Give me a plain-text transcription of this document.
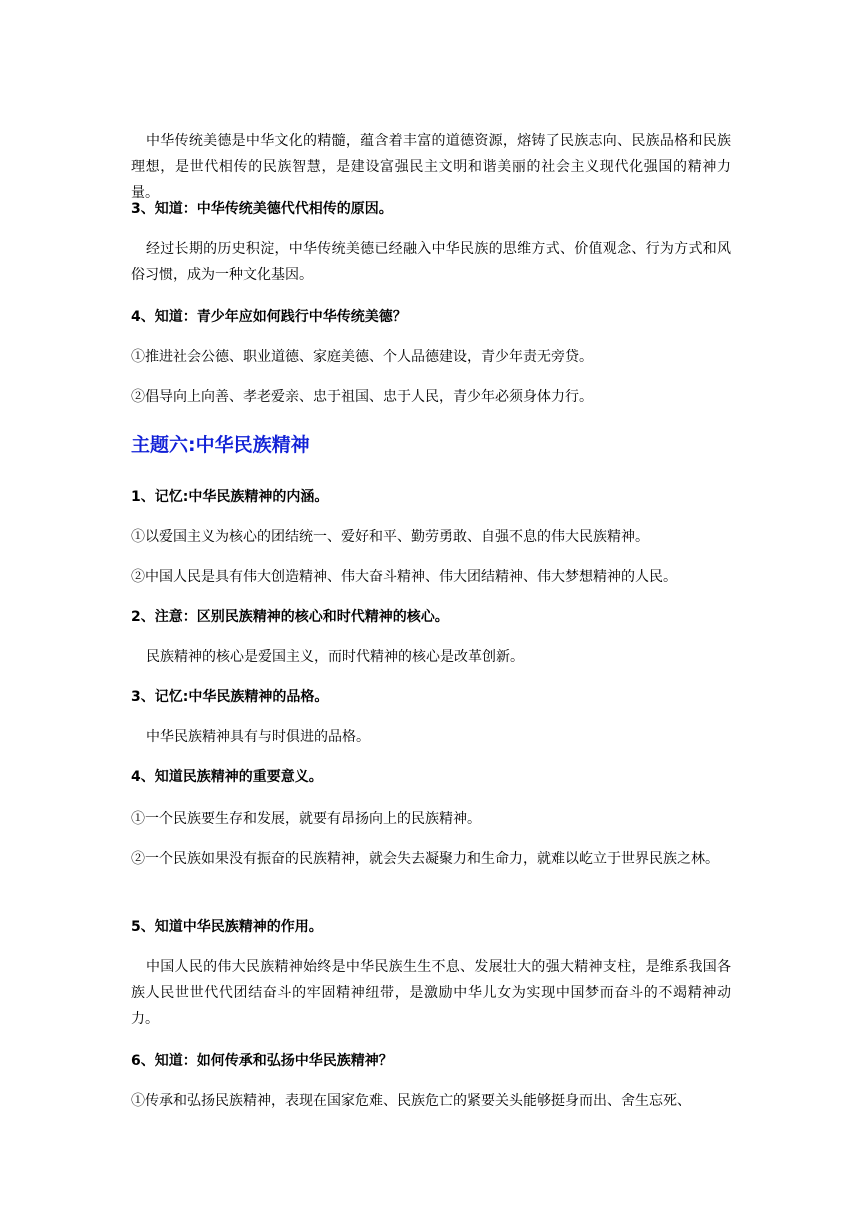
中华传统美德是中华文化的精髓，蕴含着丰富的道德资源，熔铸了民族志向、民族品格和民族理想，是世代相传的民族智慧，是建设富强民主文明和谐美丽的社会主义现代化强国的精神力量。

3、知道：中华传统美德代代相传的原因。

经过长期的历史积淀，中华传统美德已经融入中华民族的思维方式、价值观念、行为方式和风俗习惯，成为一种文化基因。

4、知道：青少年应如何践行中华传统美德？

①推进社会公德、职业道德、家庭美德、个人品德建设，青少年责无旁贷。

②倡导向上向善、孝老爱亲、忠于祖国、忠于人民，青少年必须身体力行。

主题六:中华民族精神

1、记忆:中华民族精神的内涵。

①以爱国主义为核心的团结统一、爱好和平、勤劳勇敢、自强不息的伟大民族精神。

②中国人民是具有伟大创造精神、伟大奋斗精神、伟大团结精神、伟大梦想精神的人民。

2、注意：区别民族精神的核心和时代精神的核心。

民族精神的核心是爱国主义，而时代精神的核心是改革创新。

3、记忆:中华民族精神的品格。

中华民族精神具有与时俱进的品格。

4、知道民族精神的重要意义。

①一个民族要生存和发展，就要有昂扬向上的民族精神。

②一个民族如果没有振奋的民族精神，就会失去凝聚力和生命力，就难以屹立于世界民族之林。

5、知道中华民族精神的作用。

中国人民的伟大民族精神始终是中华民族生生不息、发展壮大的强大精神支柱，是维系我国各族人民世世代代团结奋斗的牢固精神纽带，是激励中华儿女为实现中国梦而奋斗的不竭精神动力。

6、知道：如何传承和弘扬中华民族精神？

①传承和弘扬民族精神，表现在国家危难、民族危亡的紧要关头能够挺身而出、舍生忘死、
